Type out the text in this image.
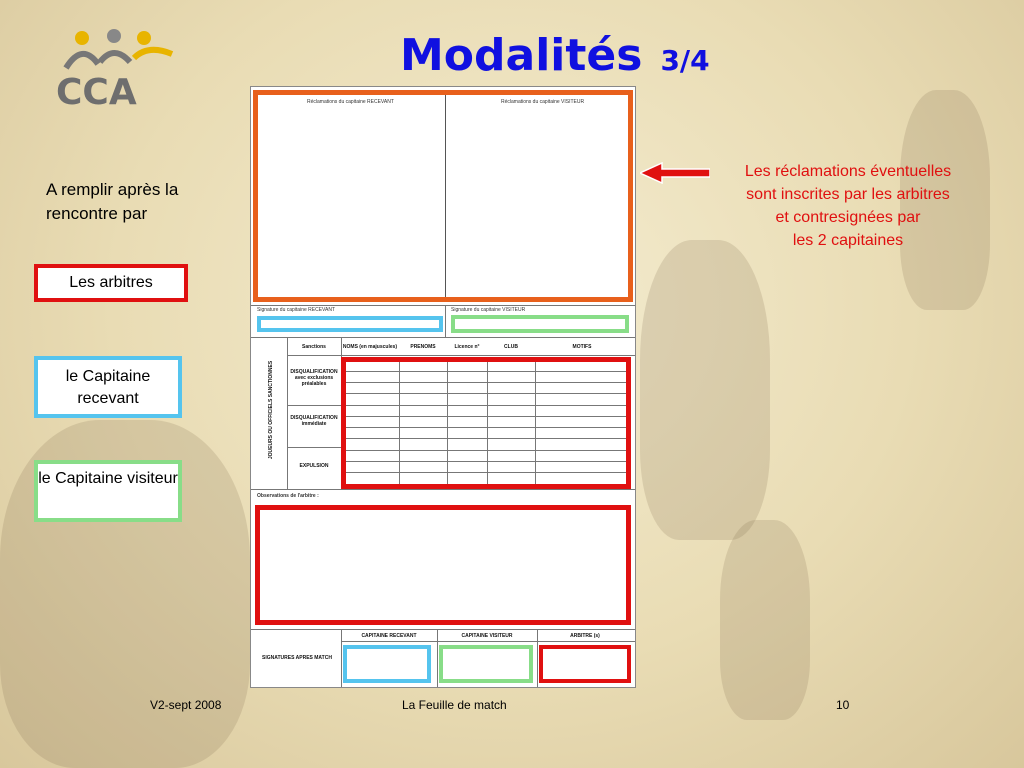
CCA
Modalités 3/4
A remplir après la rencontre par
Les arbitres
le Capitaine recevant
le Capitaine visiteur
Les réclamations éventuelles
sont inscrites par les arbitres
et contresignées par
les 2 capitaines
Réclamations du capitaine RECEVANT	Réclamations du capitaine VISITEUR
Signature du capitaine RECEVANT	Signature du capitaine VISITEUR
JOUEURS OU OFFICIELS SANCTIONNES
Sanctions	NOMS (en majuscules)	PRENOMS	Licence n°	CLUB	MOTIFS
DISQUALIFICATION avec exclusions préalables
DISQUALIFICATION immédiate
EXPULSION
Observations de l'arbitre :
SIGNATURES APRES MATCH
CAPITAINE RECEVANT	CAPITAINE VISITEUR	ARBITRE (s)
V2-sept 2008	La Feuille de match	10
